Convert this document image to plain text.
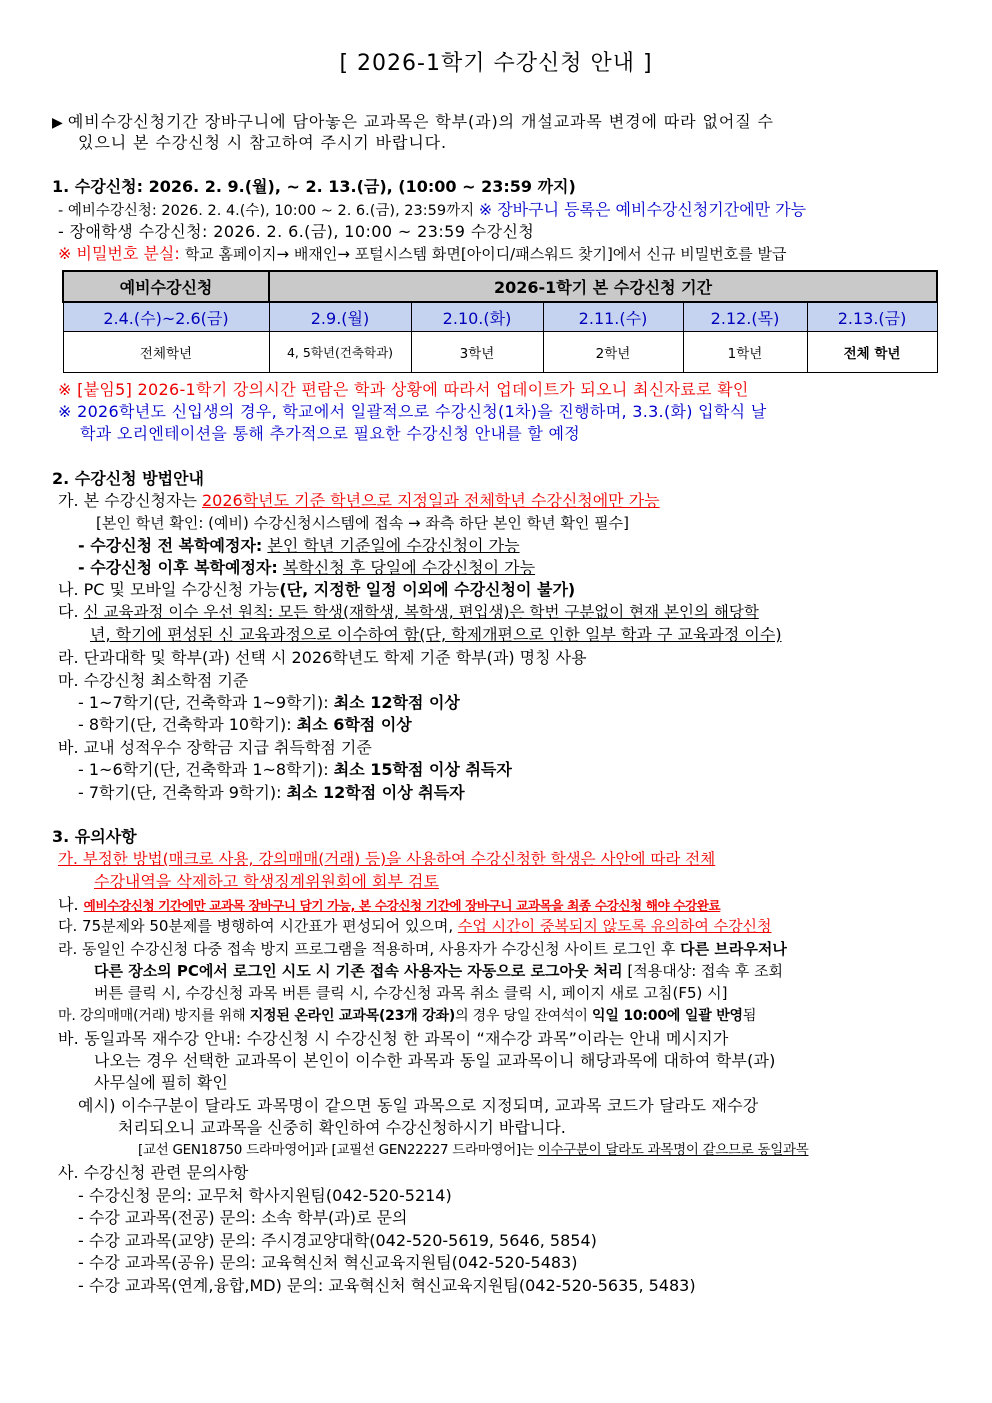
[ 2026-1학기 수강신청 안내 ]
▶ 예비수강신청기간 장바구니에 담아놓은 교과목은 학부(과)의 개설교과목 변경에 따라 없어질 수
있으니 본 수강신청 시 참고하여 주시기 바랍니다.
1. 수강신청: 2026. 2. 9.(월), ~ 2. 13.(금), (10:00 ~ 23:59 까지)
- 예비수강신청: 2026. 2. 4.(수), 10:00 ~ 2. 6.(금), 23:59까지 ※ 장바구니 등록은 예비수강신청기간에만 가능
- 장애학생 수강신청: 2026. 2. 6.(금), 10:00 ~ 23:59 수강신청
※ 비밀번호 분실: 학교 홈페이지→ 배재인→ 포털시스템 화면[아이디/패스워드 찾기]에서 신규 비밀번호를 발급
예비수강신청	2026-1학기 본 수강신청 기간				
2.4.(수)~2.6(금)	2.9.(월)	2.10.(화)	2.11.(수)	2.12.(목)	2.13.(금)
전체학년	4, 5학년(건축학과)	3학년	2학년	1학년	전체 학년
※ [붙임5] 2026-1학기 강의시간 편람은 학과 상황에 따라서 업데이트가 되오니 최신자료로 확인
※ 2026학년도 신입생의 경우, 학교에서 일괄적으로 수강신청(1차)을 진행하며, 3.3.(화) 입학식 날
학과 오리엔테이션을 통해 추가적으로 필요한 수강신청 안내를 할 예정
2. 수강신청 방법안내
가. 본 수강신청자는 2026학년도 기준 학년으로 지정일과 전체학년 수강신청에만 가능
[본인 학년 확인: (예비) 수강신청시스템에 접속 → 좌측 하단 본인 학년 확인 필수]
- 수강신청 전 복학예정자: 본인 학년 기준일에 수강신청이 가능
- 수강신청 이후 복학예정자: 복학신청 후 당일에 수강신청이 가능
나. PC 및 모바일 수강신청 가능(단, 지정한 일정 이외에 수강신청이 불가)
다. 신 교육과정 이수 우선 원칙: 모든 학생(재학생, 복학생, 편입생)은 학번 구분없이 현재 본인의 해당학
년, 학기에 편성된 신 교육과정으로 이수하여 함(단, 학제개편으로 인한 일부 학과 구 교육과정 이수)
라. 단과대학 및 학부(과) 선택 시 2026학년도 학제 기준 학부(과) 명칭 사용
마. 수강신청 최소학점 기준
- 1~7학기(단, 건축학과 1~9학기): 최소 12학점 이상
- 8학기(단, 건축학과 10학기): 최소 6학점 이상
바. 교내 성적우수 장학금 지급 취득학점 기준
- 1~6학기(단, 건축학과 1~8학기): 최소 15학점 이상 취득자
- 7학기(단, 건축학과 9학기): 최소 12학점 이상 취득자
3. 유의사항
가. 부정한 방법(매크로 사용, 강의매매(거래) 등)을 사용하여 수강신청한 학생은 사안에 따라 전체
수강내역을 삭제하고 학생징계위원회에 회부 검토
나. 예비수강신청 기간에만 교과목 장바구니 담기 가능, 본 수강신청 기간에 장바구니 교과목을 최종 수강신청 해야 수강완료
다. 75분제와 50분제를 병행하여 시간표가 편성되어 있으며, 수업 시간이 중복되지 않도록 유의하여 수강신청
라. 동일인 수강신청 다중 접속 방지 프로그램을 적용하며, 사용자가 수강신청 사이트 로그인 후 다른 브라우저나
다른 장소의 PC에서 로그인 시도 시 기존 접속 사용자는 자동으로 로그아웃 처리 [적용대상: 접속 후 조회
버튼 클릭 시, 수강신청 과목 버튼 클릭 시, 수강신청 과목 취소 클릭 시, 페이지 새로 고침(F5) 시]
마. 강의매매(거래) 방지를 위해 지정된 온라인 교과목(23개 강좌)의 경우 당일 잔여석이 익일 10:00에 일괄 반영됨
바. 동일과목 재수강 안내: 수강신청 시 수강신청 한 과목이 “재수강 과목”이라는 안내 메시지가
나오는 경우 선택한 교과목이 본인이 이수한 과목과 동일 교과목이니 해당과목에 대하여 학부(과)
사무실에 필히 확인
예시) 이수구분이 달라도 과목명이 같으면 동일 과목으로 지정되며, 교과목 코드가 달라도 재수강
처리되오니 교과목을 신중히 확인하여 수강신청하시기 바랍니다.
[교선 GEN18750 드라마영어]과 [교필선 GEN22227 드라마영어]는 이수구분이 달라도 과목명이 같으므로 동일과목
사. 수강신청 관련 문의사항
- 수강신청 문의: 교무처 학사지원팀(042-520-5214)
- 수강 교과목(전공) 문의: 소속 학부(과)로 문의
- 수강 교과목(교양) 문의: 주시경교양대학(042-520-5619, 5646, 5854)
- 수강 교과목(공유) 문의: 교육혁신처 혁신교육지원팀(042-520-5483)
- 수강 교과목(연계,융합,MD) 문의: 교육혁신처 혁신교육지원팀(042-520-5635, 5483)
